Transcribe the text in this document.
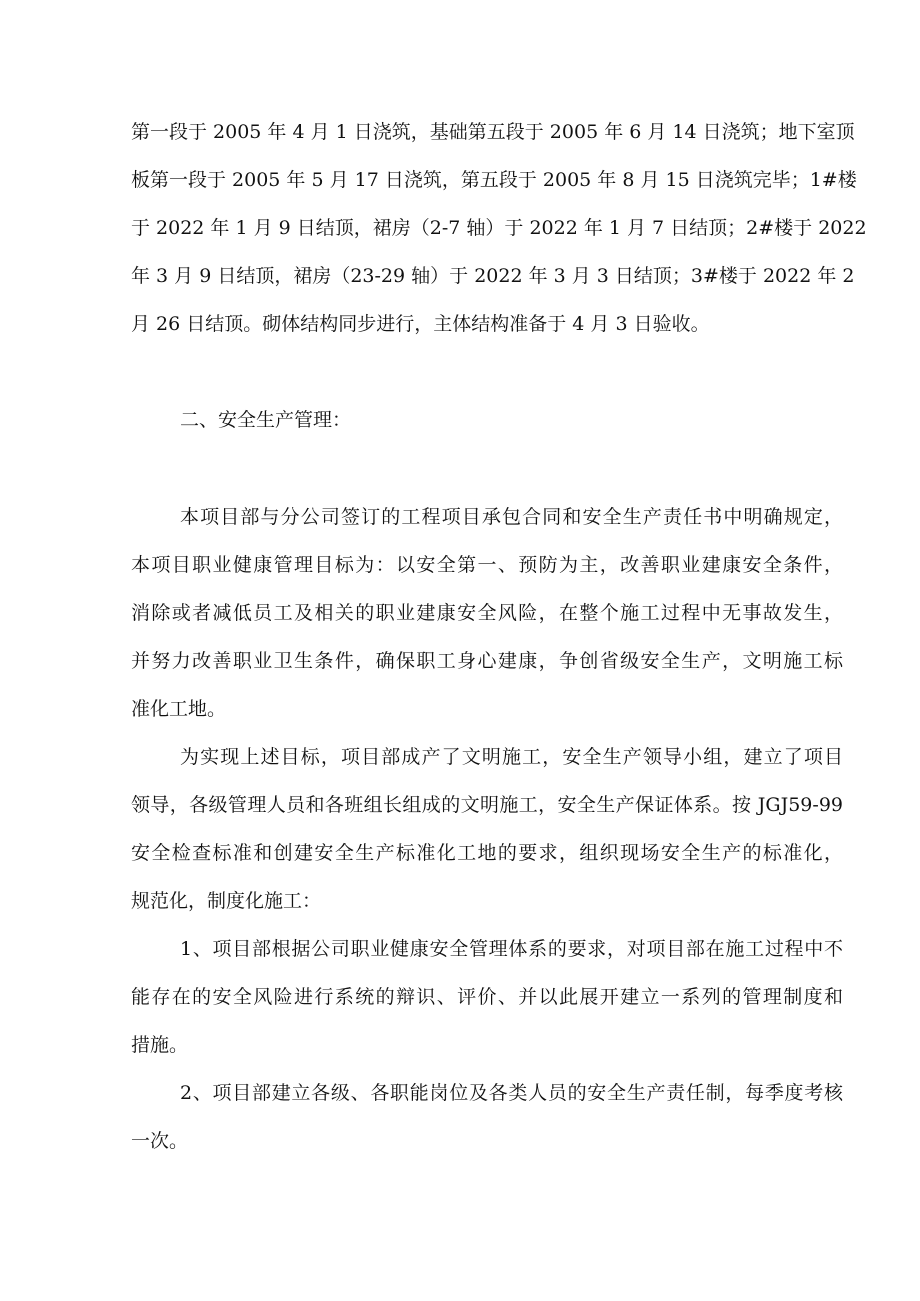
第一段于 2005 年 4 月 1 日浇筑，基础第五段于 2005 年 6 月 14 日浇筑；地下室顶
板第一段于 2005 年 5 月 17 日浇筑，第五段于 2005 年 8 月 15 日浇筑完毕；1#楼
于 2022 年 1 月 9 日结顶，裙房（2-7 轴）于 2022 年 1 月 7 日结顶；2#楼于 2022
年 3 月 9 日结顶，裙房（23-29 轴）于 2022 年 3 月 3 日结顶；3#楼于 2022 年 2
月 26 日结顶。砌体结构同步进行，主体结构准备于 4 月 3 日验收。
二、安全生产管理：
本项目部与分公司签订的工程项目承包合同和安全生产责任书中明确规定，
本项目职业健康管理目标为：以安全第一、预防为主，改善职业建康安全条件，
消除或者减低员工及相关的职业建康安全风险，在整个施工过程中无事故发生，
并努力改善职业卫生条件，确保职工身心建康，争创省级安全生产，文明施工标
准化工地。
为实现上述目标，项目部成产了文明施工，安全生产领导小组，建立了项目
领导，各级管理人员和各班组长组成的文明施工，安全生产保证体系。按 JGJ59-99
安全检查标准和创建安全生产标准化工地的要求，组织现场安全生产的标准化，
规范化，制度化施工：
1、项目部根据公司职业健康安全管理体系的要求，对项目部在施工过程中不
能存在的安全风险进行系统的辩识、评价、并以此展开建立一系列的管理制度和
措施。
2、项目部建立各级、各职能岗位及各类人员的安全生产责任制，每季度考核
一次。
